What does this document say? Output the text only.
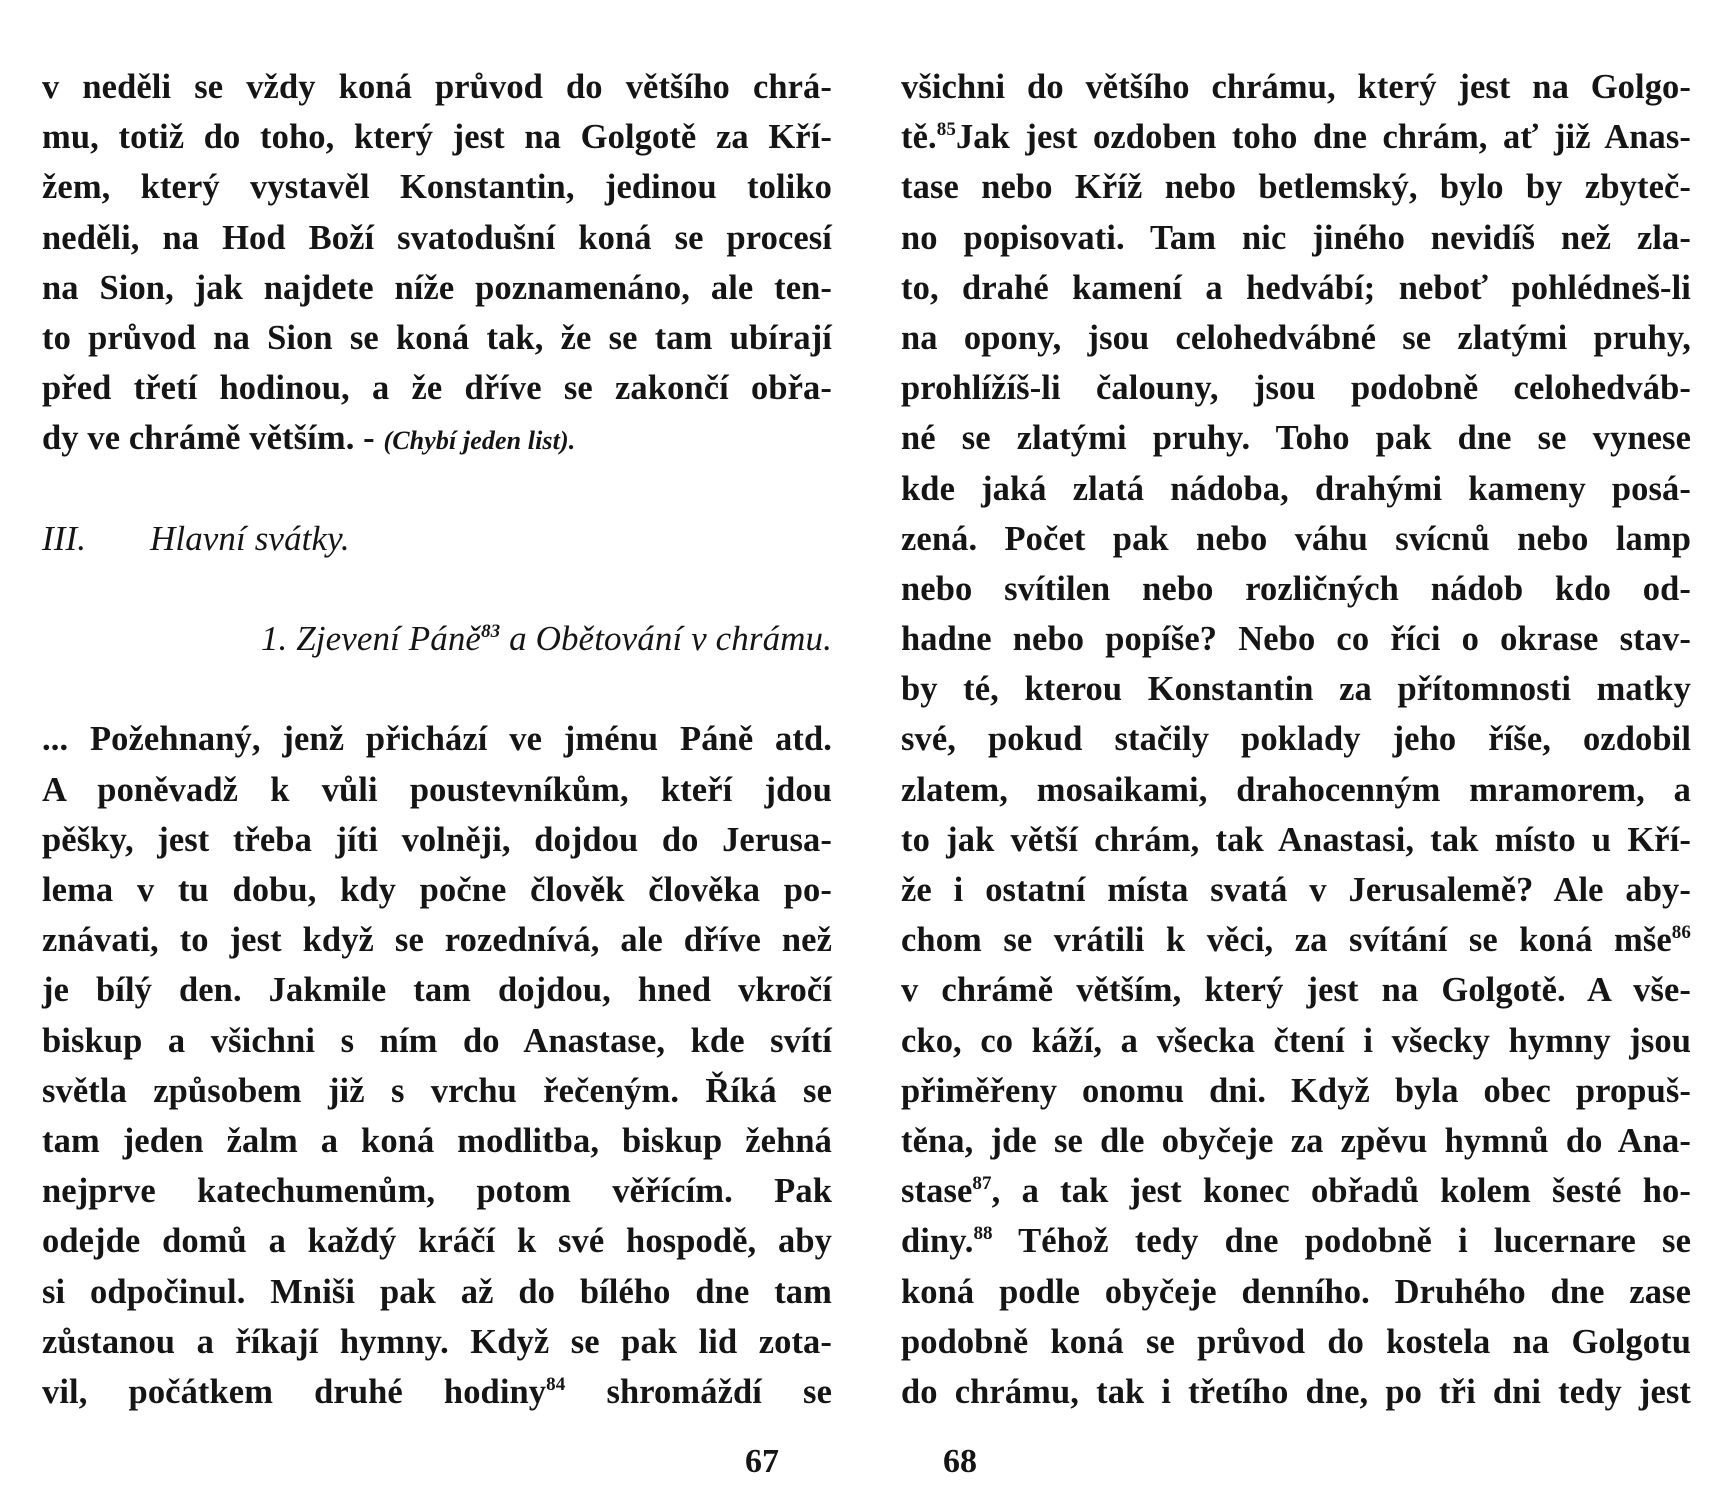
v neděli se vždy koná průvod do většího chrá-
mu, totiž do toho, který jest na Golgotě za Kří-
žem, který vystavěl Konstantin, jedinou toliko
neděli, na Hod Boží svatodušní koná se procesí
na Sion, jak najdete níže poznamenáno, ale ten-
to průvod na Sion se koná tak, že se tam ubírají
před třetí hodinou, a že dříve se zakončí obřa-
dy ve chrámě větším. - (Chybí jeden list).
III. Hlavní svátky.
1. Zjevení Páně$^{83}$ a Obětování v chrámu.
... Požehnaný, jenž přichází ve jménu Páně atd.
A poněvadž k vůli poustevníkům, kteří jdou
pěšky, jest třeba jíti volněji, dojdou do Jerusa-
lema v tu dobu, kdy počne člověk člověka po-
znávati, to jest když se rozednívá, ale dříve než
je bílý den. Jakmile tam dojdou, hned vkročí
biskup a všichni s ním do Anastase, kde svítí
světla způsobem již s vrchu řečeným. Říká se
tam jeden žalm a koná modlitba, biskup žehná
nejprve katechumenům, potom věřícím. Pak
odejde domů a každý kráčí k své hospodě, aby
si odpočinul. Mniši pak až do bílého dne tam
zůstanou a říkají hymny. Když se pak lid zota-
vil, počátkem druhé hodiny$^{84}$ shromáždí se
67
všichni do většího chrámu, který jest na Golgo-
tě.$^{85}$Jak jest ozdoben toho dne chrám, ať již Anas-
tase nebo Kříž nebo betlemský, bylo by zbyteč-
no popisovati. Tam nic jiného nevidíš než zla-
to, drahé kamení a hedvábí; neboť pohlédneš-li
na opony, jsou celohedvábné se zlatými pruhy,
prohlížíš-li čalouny, jsou podobně celohedváb-
né se zlatými pruhy. Toho pak dne se vynese
kde jaká zlatá nádoba, drahými kameny posá-
zená. Počet pak nebo váhu svícnů nebo lamp
nebo svítilen nebo rozličných nádob kdo od-
hadne nebo popíše? Nebo co říci o okrase stav-
by té, kterou Konstantin za přítomnosti matky
své, pokud stačily poklady jeho říše, ozdobil
zlatem, mosaikami, drahocenným mramorem, a
to jak větší chrám, tak Anastasi, tak místo u Kří-
že i ostatní místa svatá v Jerusalemě? Ale aby-
chom se vrátili k věci, za svítání se koná mše$^{86}$
v chrámě větším, který jest na Golgotě. A vše-
cko, co káží, a všecka čtení i všecky hymny jsou
přiměřeny onomu dni. Když byla obec propuš-
těna, jde se dle obyčeje za zpěvu hymnů do Ana-
stase$^{87}$, a tak jest konec obřadů kolem šesté ho-
diny.$^{88}$ Téhož tedy dne podobně i lucernare se
koná podle obyčeje denního. Druhého dne zase
podobně koná se průvod do kostela na Golgotu
do chrámu, tak i třetího dne, po tři dni tedy jest
68
